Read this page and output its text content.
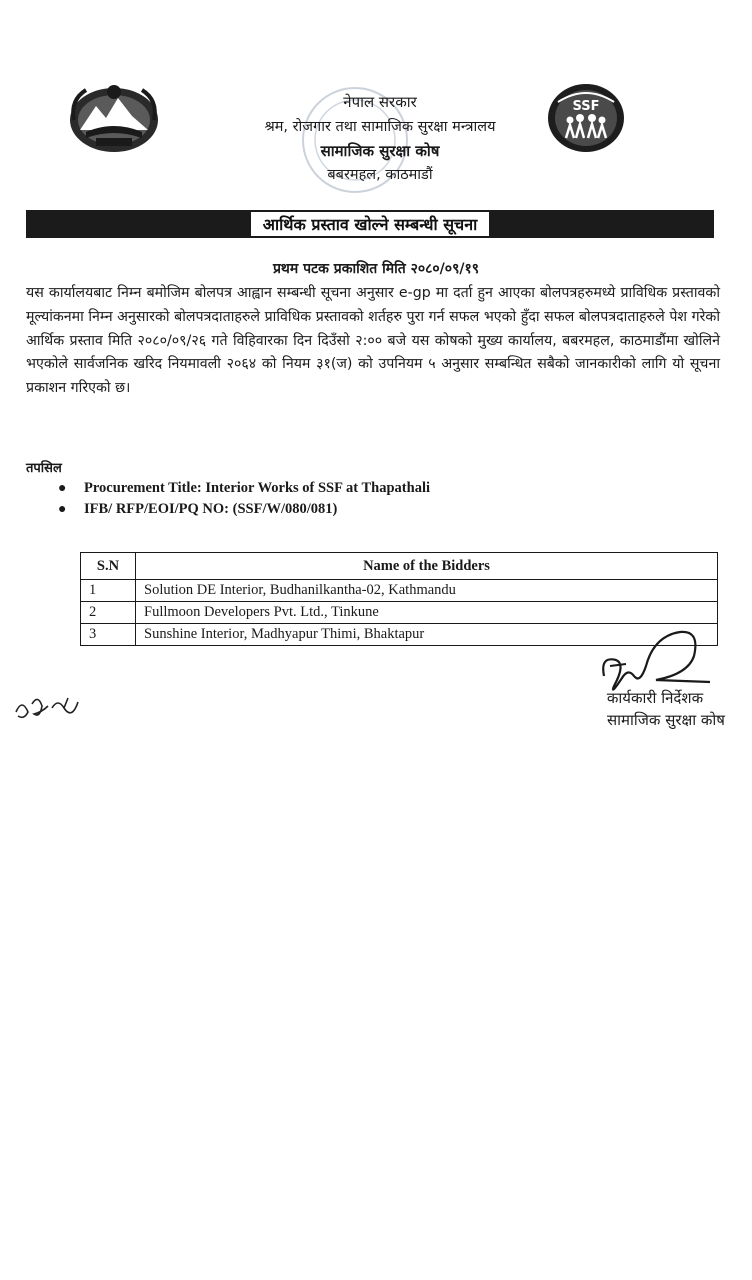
नेपाल सरकार
श्रम, रोजगार तथा सामाजिक सुरक्षा मन्त्रालय
सामाजिक सुरक्षा कोष
बबरमहल, काठमाडौं
SSF
आर्थिक प्रस्ताव खोल्ने सम्बन्धी सूचना
प्रथम पटक प्रकाशित मिति २०८०/०९/१९
यस कार्यालयबाट निम्न बमोजिम बोलपत्र आह्वान सम्बन्धी सूचना अनुसार e-gp मा दर्ता हुन आएका बोलपत्रहरुमध्ये प्राविधिक प्रस्तावको मूल्यांकनमा निम्न अनुसारको बोलपत्रदाताहरुले प्राविधिक प्रस्तावको शर्तहरु पुरा गर्न सफल भएको हुँदा सफल बोलपत्रदाताहरुले पेश गरेको आर्थिक प्रस्ताव मिति २०८०/०९/२६ गते विहिवारका दिन दिउँसो २:०० बजे यस कोषको मुख्य कार्यालय, बबरमहल, काठमाडौंमा खोलिने भएकोले सार्वजनिक खरिद नियमावली २०६४ को नियम ३१(ज) को उपनियम ५ अनुसार सम्बन्धित सबैको जानकारीको लागि यो सूचना प्रकाशन गरिएको छ।
तपसिल
●	Procurement Title: Interior Works of SSF at Thapathali
●	IFB/ RFP/EOI/PQ NO: (SSF/W/080/081)
S.N	Name of the Bidders
1	Solution DE Interior, Budhanilkantha-02, Kathmandu
2	Fullmoon Developers Pvt. Ltd., Tinkune
3	Sunshine Interior, Madhyapur Thimi, Bhaktapur
कार्यकारी निर्देशक
सामाजिक सुरक्षा कोष
